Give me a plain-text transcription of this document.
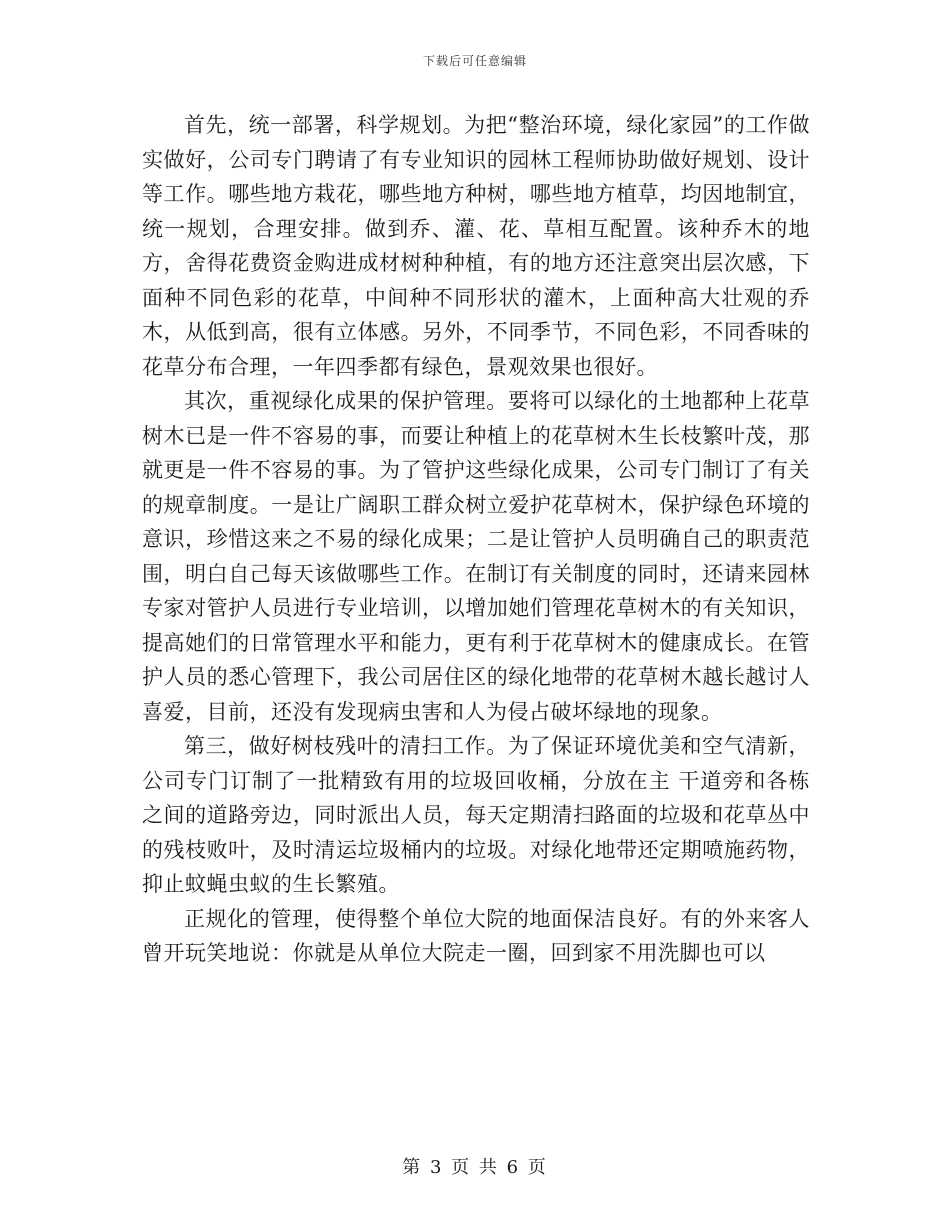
下载后可任意编辑

首先，统一部署，科学规划。为把“整治环境，绿化家园”的工作做实做好，公司专门聘请了有专业知识的园林工程师协助做好规划、设计等工作。哪些地方栽花，哪些地方种树，哪些地方植草，均因地制宜，统一规划，合理安排。做到乔、灌、花、草相互配置。该种乔木的地方，舍得花费资金购进成材树种种植，有的地方还注意突出层次感，下面种不同色彩的花草，中间种不同形状的灌木，上面种高大壮观的乔木，从低到高，很有立体感。另外，不同季节，不同色彩，不同香味的花草分布合理，一年四季都有绿色，景观效果也很好。

其次，重视绿化成果的保护管理。要将可以绿化的土地都种上花草树木已是一件不容易的事，而要让种植上的花草树木生长枝繁叶茂，那就更是一件不容易的事。为了管护这些绿化成果，公司专门制订了有关的规章制度。一是让广阔职工群众树立爱护花草树木，保护绿色环境的意识，珍惜这来之不易的绿化成果；二是让管护人员明确自己的职责范围，明白自己每天该做哪些工作。在制订有关制度的同时，还请来园林专家对管护人员进行专业培训，以增加她们管理花草树木的有关知识，提高她们的日常管理水平和能力，更有利于花草树木的健康成长。在管护人员的悉心管理下，我公司居住区的绿化地带的花草树木越长越讨人喜爱，目前，还没有发现病虫害和人为侵占破坏绿地的现象。

第三，做好树枝残叶的清扫工作。为了保证环境优美和空气清新，公司专门订制了一批精致有用的垃圾回收桶，分放在主 干道旁和各栋之间的道路旁边，同时派出人员，每天定期清扫路面的垃圾和花草丛中的残枝败叶，及时清运垃圾桶内的垃圾。对绿化地带还定期喷施药物，抑止蚊蝇虫蚁的生长繁殖。

正规化的管理，使得整个单位大院的地面保洁良好。有的外来客人曾开玩笑地说：你就是从单位大院走一圈，回到家不用洗脚也可以

第 3 页 共 6 页
